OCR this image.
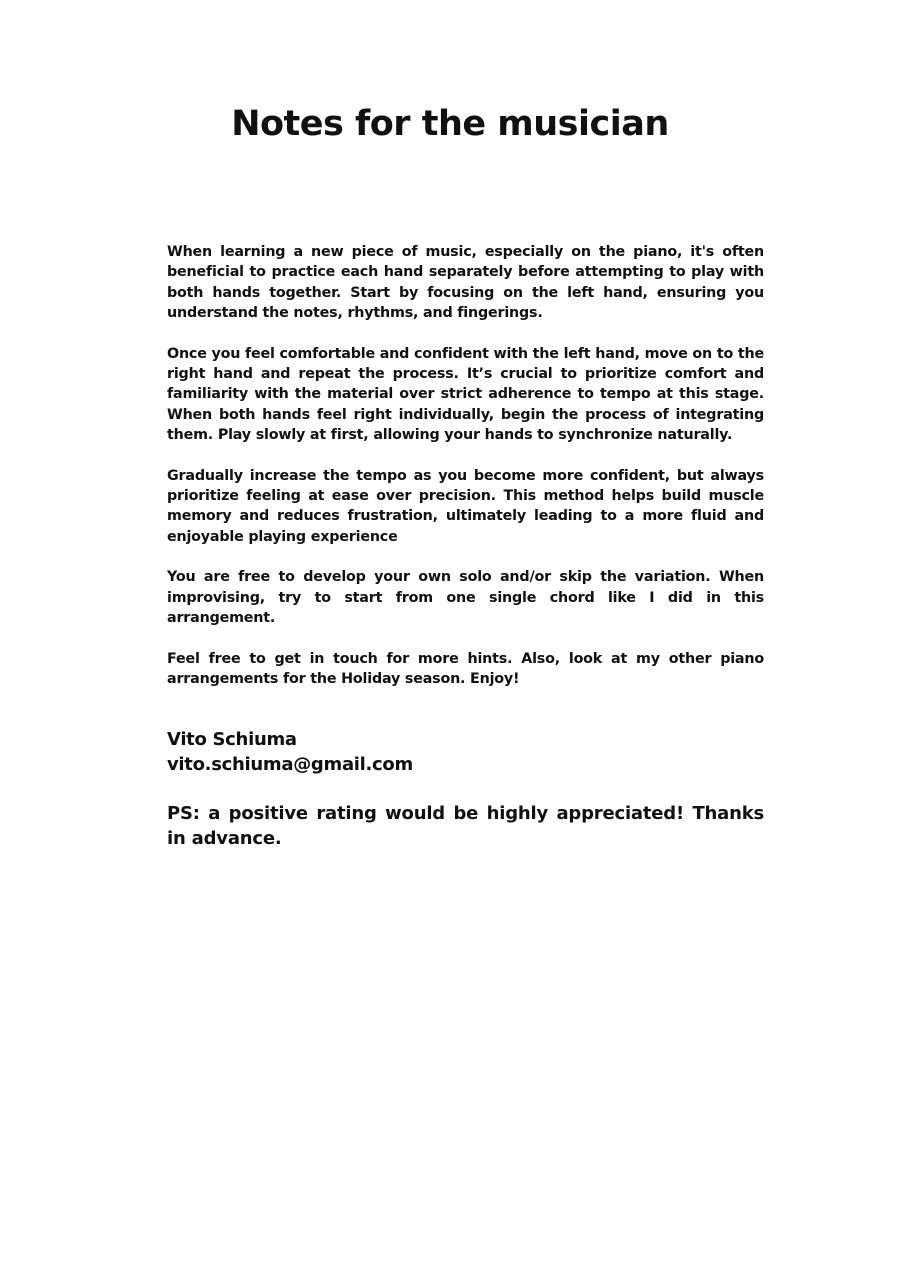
Notes for the musician

When learning a new piece of music, especially on the piano, it's often beneficial to practice each hand separately before attempting to play with both hands together. Start by focusing on the left hand, ensuring you understand the notes, rhythms, and fingerings.

Once you feel comfortable and confident with the left hand, move on to the right hand and repeat the process. It’s crucial to prioritize comfort and familiarity with the material over strict adherence to tempo at this stage. When both hands feel right individually, begin the process of integrating them. Play slowly at first, allowing your hands to synchronize naturally.

Gradually increase the tempo as you become more confident, but always prioritize feeling at ease over precision. This method helps build muscle memory and reduces frustration, ultimately leading to a more fluid and enjoyable playing experience

You are free to develop your own solo and/or skip the variation. When improvising, try to start from one single chord like I did in this arrangement.

Feel free to get in touch for more hints. Also, look at my other piano arrangements for the Holiday season. Enjoy!

Vito Schiuma

vito.schiuma@gmail.com

PS: a positive rating would be highly appreciated! Thanks in advance.
